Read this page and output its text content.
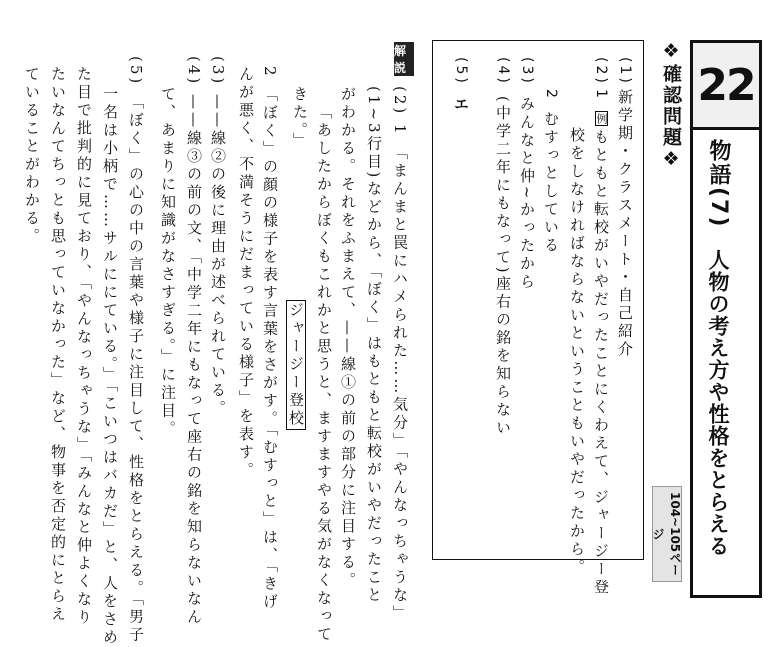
22
物語(7)
人物の考え方や性格をとらえる
104~105ページ
❖確認問題❖
(1)
(2)
新学期・クラスメート・自己紹介
1例もともと転校がいやだったことにくわえて、ジャージー登
校をしなければならないということもいやだったから。
2むすっとしている
(3)みんなと仲~かったから
(4)(中学二年にもなって)座右の銘を知らない
(5)エ
解説
(2) 1 「まんまと罠にハメられた……気分」「やんなっちゃうな」
(1~3行目)などから、「ぼく」はもともと転校がいやだったこと
がわかる。それをふまえて、——線①の前の部分に注目する。
「あしたからぼくもこれかと思うと、ますますやる気がなくなって
きた。」
ジャージー登校
2 「ぼく」の顔の様子を表す言葉をさがす。「むすっと」は、「きげ
んが悪く、不満そうにだまっている様子」を表す。
(3) ——線②の後に理由が述べられている。
(4) ——線③の前の文、「中学二年にもなって座右の銘を知らないなん
て、あまりに知識がなさすぎる。」に注目。
(5) 「ぼく」の心の中の言葉や様子に注目して、性格をとらえる。「男子
一名は小柄で……サルににている。」「こいつはバカだ」と、人をさめ
た目で批判的に見ており、「やんなっちゃうな」「みんなと仲よくなり
たいなんてちっとも思っていなかった」など、物事を否定的にとらえ
ていることがわかる。
